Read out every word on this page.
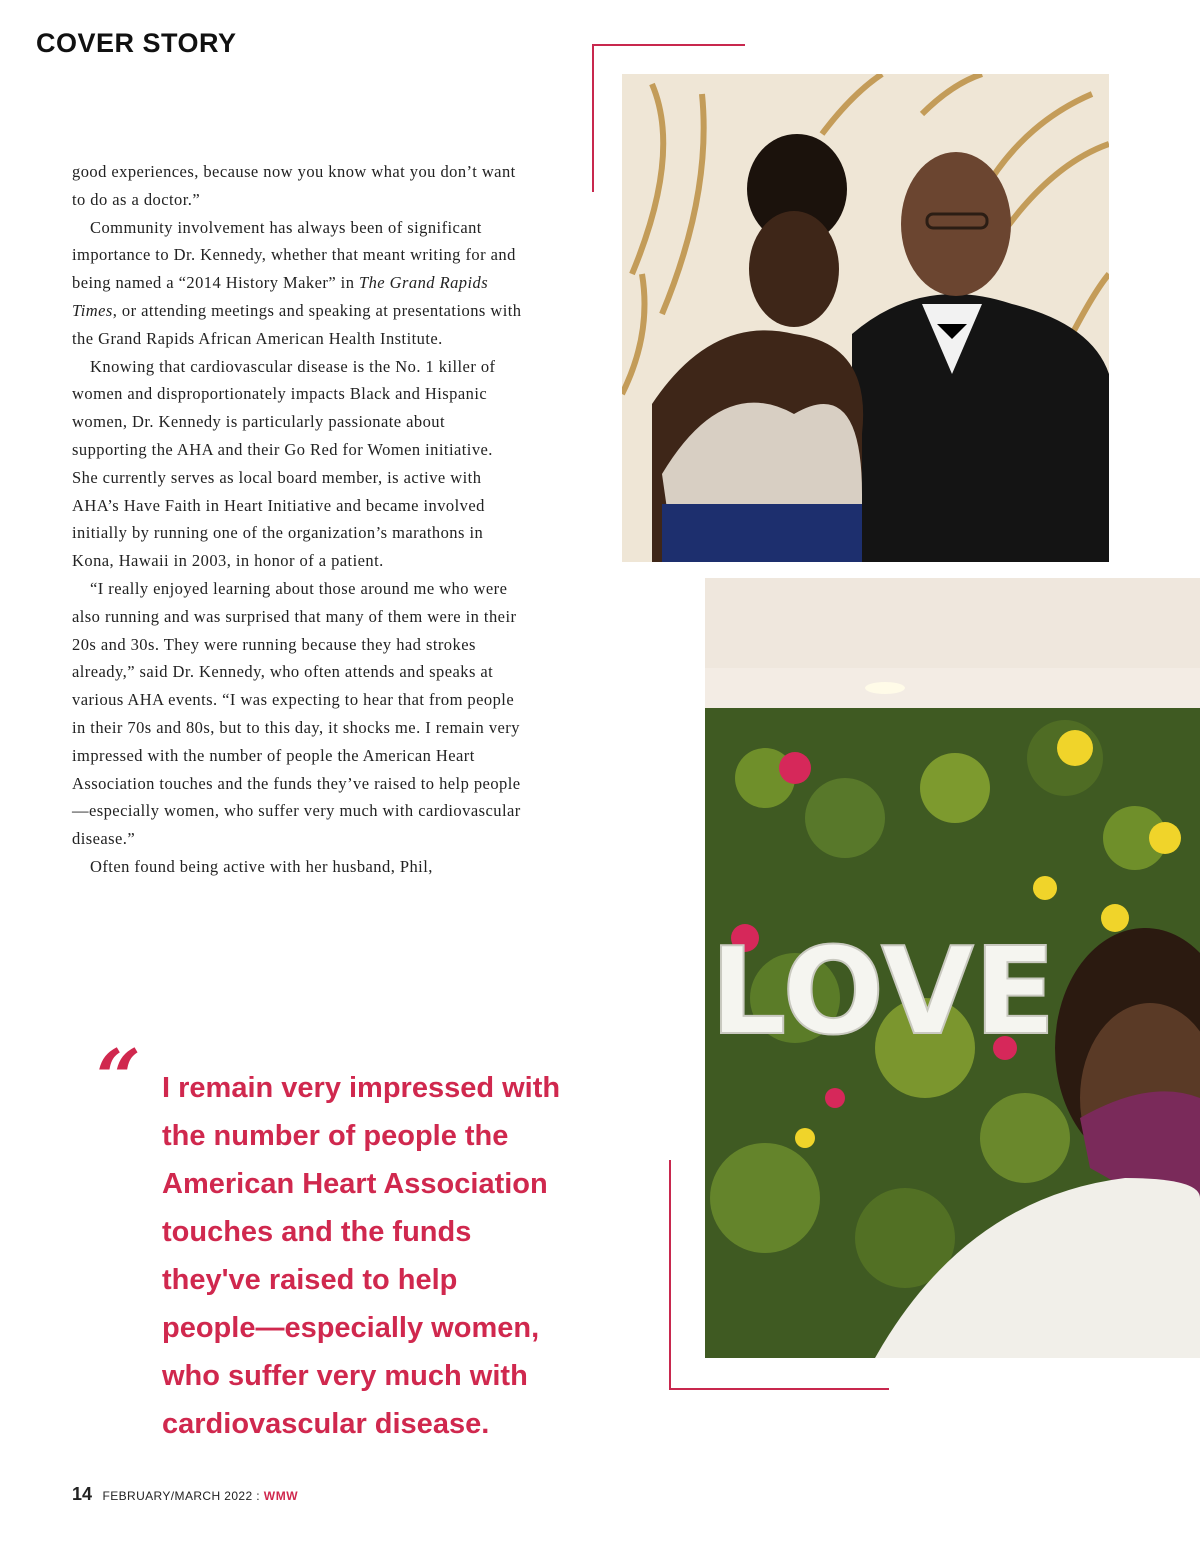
COVER STORY

good experiences, because now you know what you don’t want to do as a doctor.”

Community involvement has always been of significant importance to Dr. Kennedy, whether that meant writing for and being named a “2014 History Maker” in The Grand Rapids Times, or attending meetings and speaking at presentations with the Grand Rapids African American Health Institute.

Knowing that cardiovascular disease is the No. 1 killer of women and disproportionately impacts Black and Hispanic women, Dr. Kennedy is particularly passionate about supporting the AHA and their Go Red for Women initiative. She currently serves as local board member, is active with AHA’s Have Faith in Heart Initiative and became involved initially by running one of the organization’s marathons in Kona, Hawaii in 2003, in honor of a patient.

“I really enjoyed learning about those around me who were also running and was surprised that many of them were in their 20s and 30s. They were running because they had strokes already,” said Dr. Kennedy, who often attends and speaks at various AHA events. “I was expecting to hear that from people in their 70s and 80s, but to this day, it shocks me. I remain very impressed with the number of people the American Heart Association touches and the funds they’ve raised to help people—especially women, who suffer very much with cardiovascular disease.”

Often found being active with her husband, Phil,

“ I remain very impressed with
the number of people the
American Heart Association
touches and the funds
they've raised to help
people—especially women,
who suffer very much with
cardiovascular disease.
LOVE
14 FEBRUARY/MARCH 2022 : WMW
